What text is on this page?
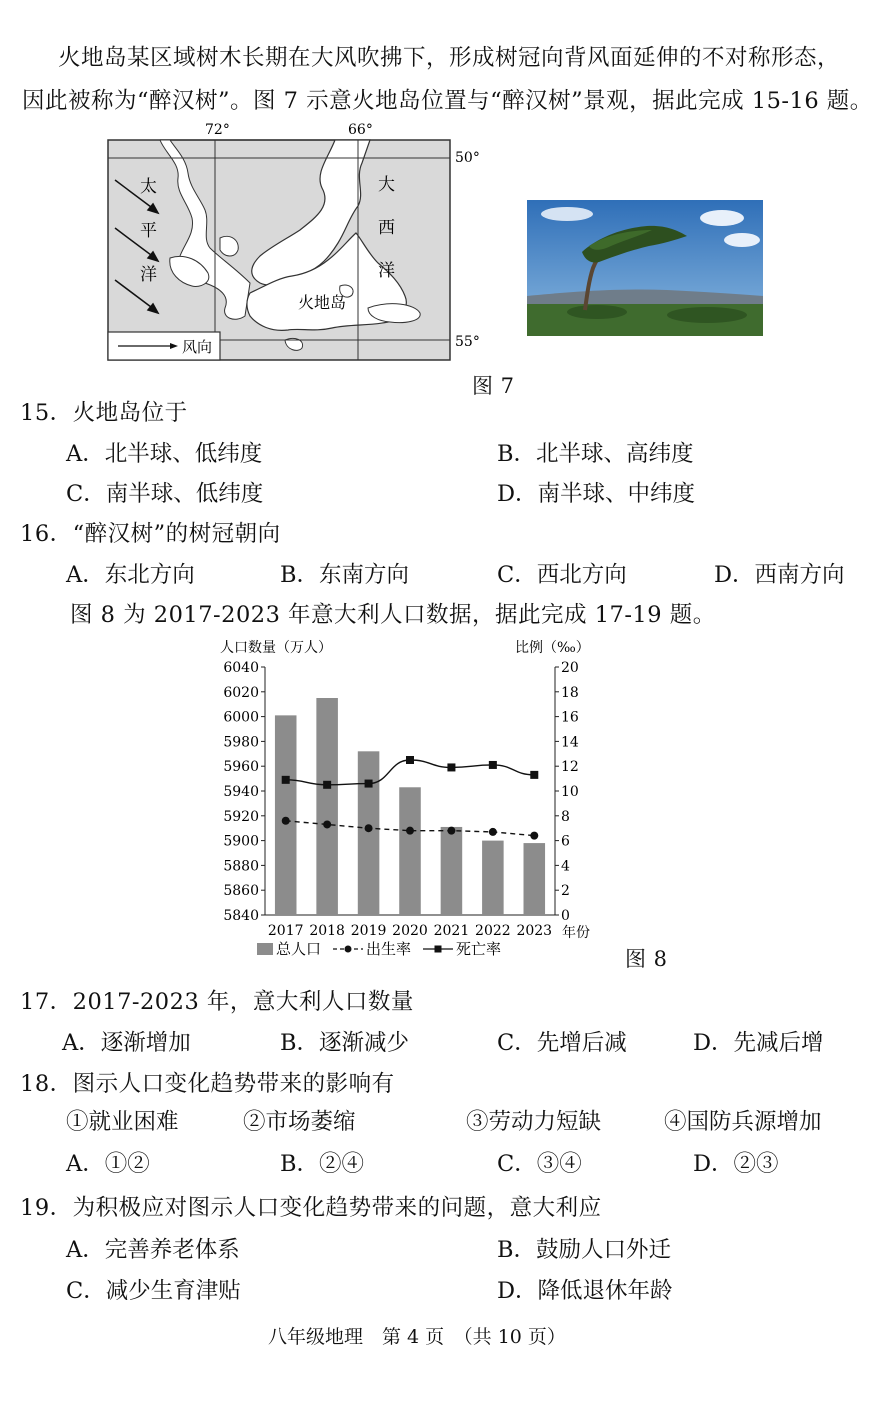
火地岛某区域树木长期在大风吹拂下，形成树冠向背风面延伸的不对称形态，
因此被称为“醉汉树”。图 7 示意火地岛位置与“醉汉树”景观，据此完成 15-16 题。
72°	66°
50°
55°
太
平
洋
大
西
洋
火地岛
风向
图 7
15．火地岛位于
A．北半球、低纬度	B．北半球、高纬度
C．南半球、低纬度	D．南半球、中纬度
16．“醉汉树”的树冠朝向
A．东北方向	B．东南方向	C．西北方向	D．西南方向
图 8 为 2017-2023 年意大利人口数据，据此完成 17-19 题。
人口数量（万人）	比例（‰）
年份
5840
5860
5880
5900
5920
5940
5960
5980
6000
6020
6040
0
2
4
6
8
10
12
14
16
18
20
2017 2018 2019 2020 2021 2022 2023
总人口	出生率	死亡率	图 8
17．2017-2023 年，意大利人口数量
A．逐渐增加	B．逐渐减少	C．先增后减	D．先减后增
18．图示人口变化趋势带来的影响有
①就业困难	②市场萎缩	③劳动力短缺	④国防兵源增加
A．①②	B．②④	C．③④	D．②③
19．为积极应对图示人口变化趋势带来的问题，意大利应
A．完善养老体系	B．鼓励人口外迁
C．减少生育津贴	D．降低退休年龄
八年级地理　第 4 页　（共 10 页）
